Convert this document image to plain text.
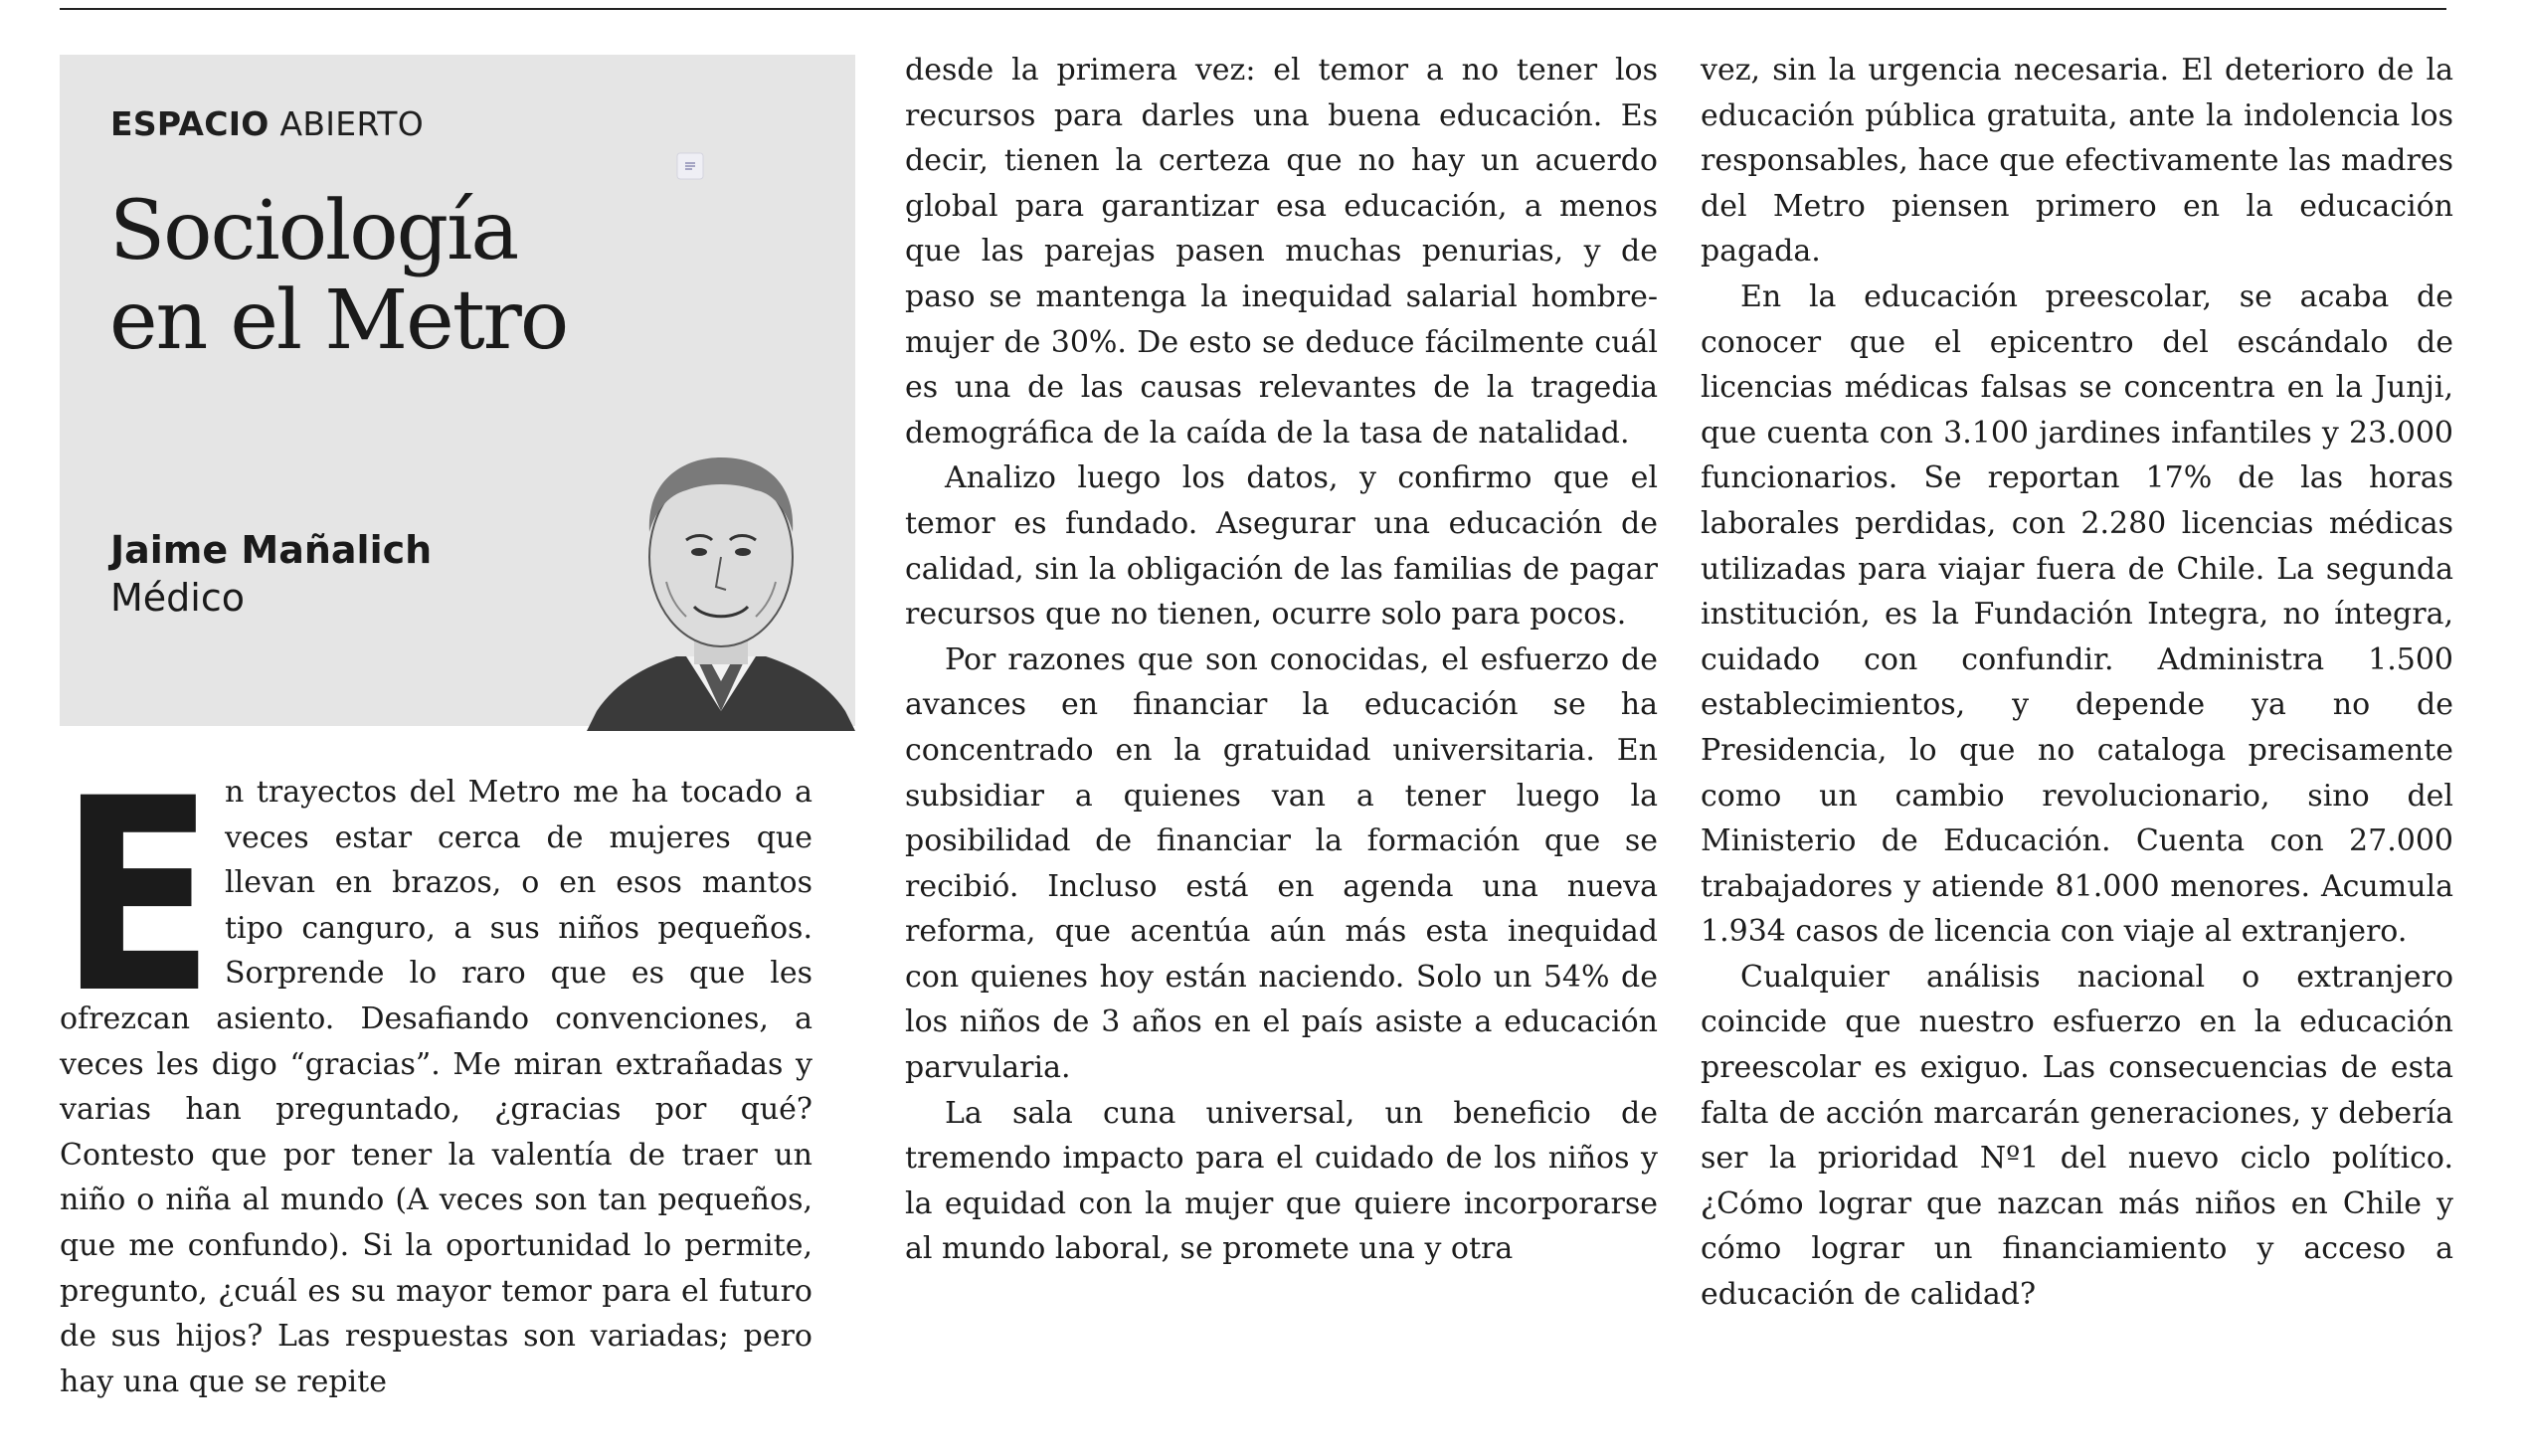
ESPACIO ABIERTO
Sociología
en el Metro
Jaime Mañalich
Médico
E n trayectos del Metro me ha tocado a veces estar cerca de mujeres que llevan en brazos, o en esos mantos tipo canguro, a sus niños pequeños. Sorprende lo raro que es que les ofrezcan asiento. Desafiando convenciones, a veces les digo “gracias”. Me miran extrañadas y varias han preguntado, ¿gracias por qué? Contesto que por tener la valentía de traer un niño o niña al mundo (A veces son tan pequeños, que me confundo). Si la oportunidad lo permite, pregunto, ¿cuál es su mayor temor para el futuro de sus hijos? Las respuestas son variadas; pero hay una que se repite

desde la primera vez: el temor a no tener los recursos para darles una buena educación. Es decir, tienen la certeza que no hay un acuerdo global para garantizar esa educación, a menos que las parejas pasen muchas penurias, y de paso se mantenga la inequidad salarial hombre-mujer de 30%. De esto se deduce fácilmente cuál es una de las causas relevantes de la tragedia demográfica de la caída de la tasa de natalidad.

Analizo luego los datos, y confirmo que el temor es fundado. Asegurar una educación de calidad, sin la obligación de las familias de pagar recursos que no tienen, ocurre solo para pocos.

Por razones que son conocidas, el esfuerzo de avances en financiar la educación se ha concentrado en la gratuidad universitaria. En subsidiar a quienes van a tener luego la posibilidad de financiar la formación que se recibió. Incluso está en agenda una nueva reforma, que acentúa aún más esta inequidad con quienes hoy están naciendo. Solo un 54% de los niños de 3 años en el país asiste a educación parvularia.

La sala cuna universal, un beneficio de tremendo impacto para el cuidado de los niños y la equidad con la mujer que quiere incorporarse al mundo laboral, se promete una y otra

vez, sin la urgencia necesaria. El deterioro de la educación pública gratuita, ante la indolencia los responsables, hace que efectivamente las madres del Metro piensen primero en la educación pagada.

En la educación preescolar, se acaba de conocer que el epicentro del escándalo de licencias médicas falsas se concentra en la Junji, que cuenta con 3.100 jardines infantiles y 23.000 funcionarios. Se reportan 17% de las horas laborales perdidas, con 2.280 licencias médicas utilizadas para viajar fuera de Chile. La segunda institución, es la Fundación Integra, no íntegra, cuidado con confundir. Administra 1.500 establecimientos, y depende ya no de Presidencia, lo que no cataloga precisamente como un cambio revolucionario, sino del Ministerio de Educación. Cuenta con 27.000 trabajadores y atiende 81.000 menores. Acumula 1.934 casos de licencia con viaje al extranjero.

Cualquier análisis nacional o extranjero coincide que nuestro esfuerzo en la educación preescolar es exiguo. Las consecuencias de esta falta de acción marcarán generaciones, y debería ser la prioridad Nº1 del nuevo ciclo político. ¿Cómo lograr que nazcan más niños en Chile y cómo lograr un financiamiento y acceso a educación de calidad?
